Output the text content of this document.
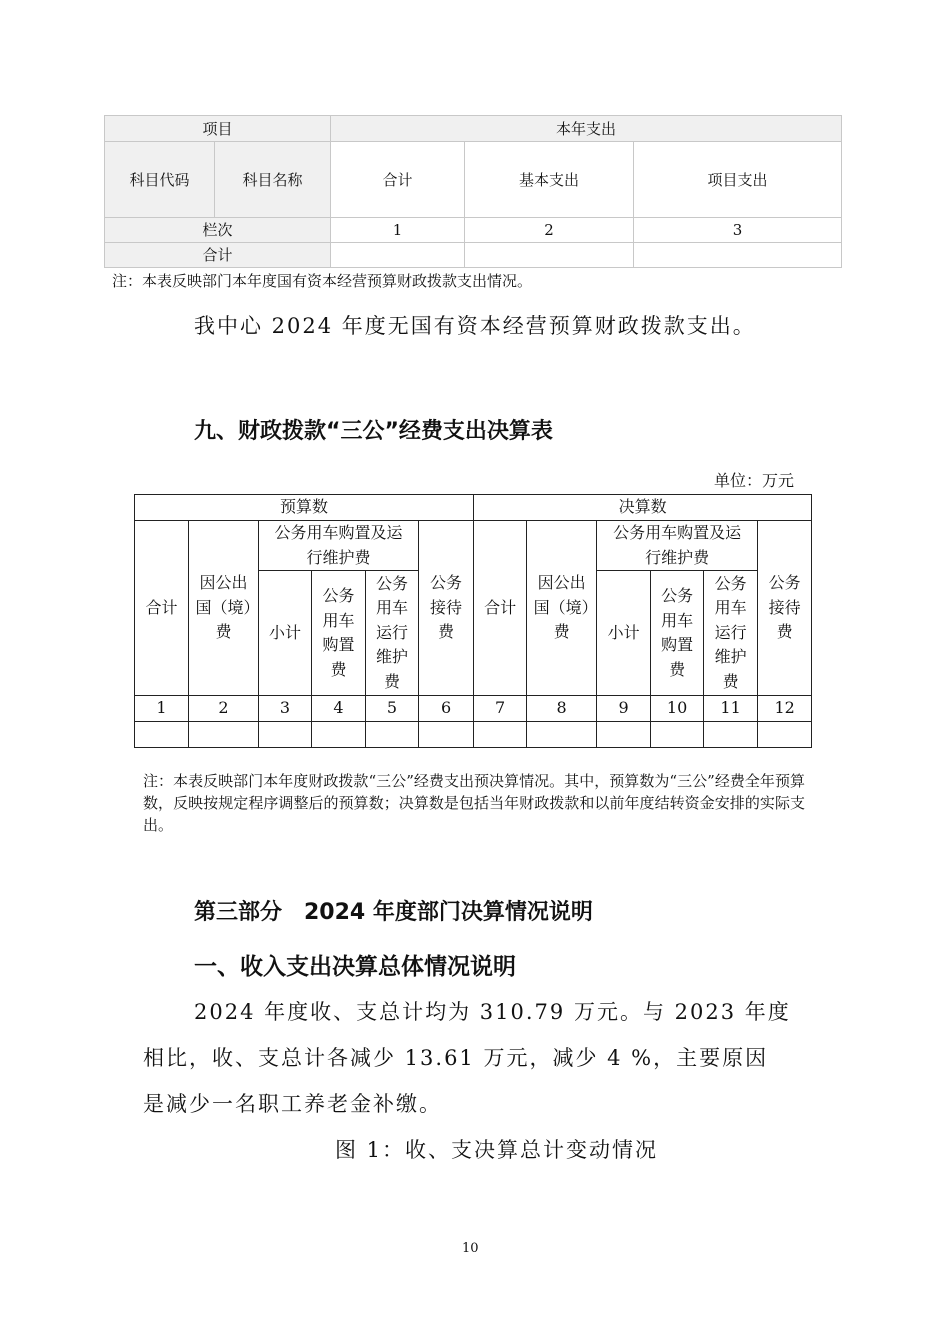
项目		本年支出		
科目代码	科目名称	合计	基本支出	项目支出
栏次		1	2	3
合计				
注：本表反映部门本年度国有资本经营预算财政拨款支出情况。
我中心 2024 年度无国有资本经营预算财政拨款支出。
九、财政拨款“三公”经费支出决算表
单位：万元
预算数						决算数					
合计	因公出国（境）费	公务用车购置及运行维护费			公务接待费	合计	因公出国（境）费	公务用车购置及运行维护费			公务接待费
		小计	公务用车购置费	公务用车运行维护费				小计	公务用车购置费	公务用车运行维护费	
1	2	3	4	5	6	7	8	9	10	11	12

注：本表反映部门本年度财政拨款“三公”经费支出预决算情况。其中，预算数为“三公”经费全年预算数，反映按规定程序调整后的预算数；决算数是包括当年财政拨款和以前年度结转资金安排的实际支出。
第三部分　2024 年度部门决算情况说明
一、收入支出决算总体情况说明
2024 年度收、支总计均为 310.79 万元。与 2023 年度
相比，收、支总计各减少 13.61 万元，减少 4 %，主要原因
是减少一名职工养老金补缴。
图 1：收、支决算总计变动情况
10
